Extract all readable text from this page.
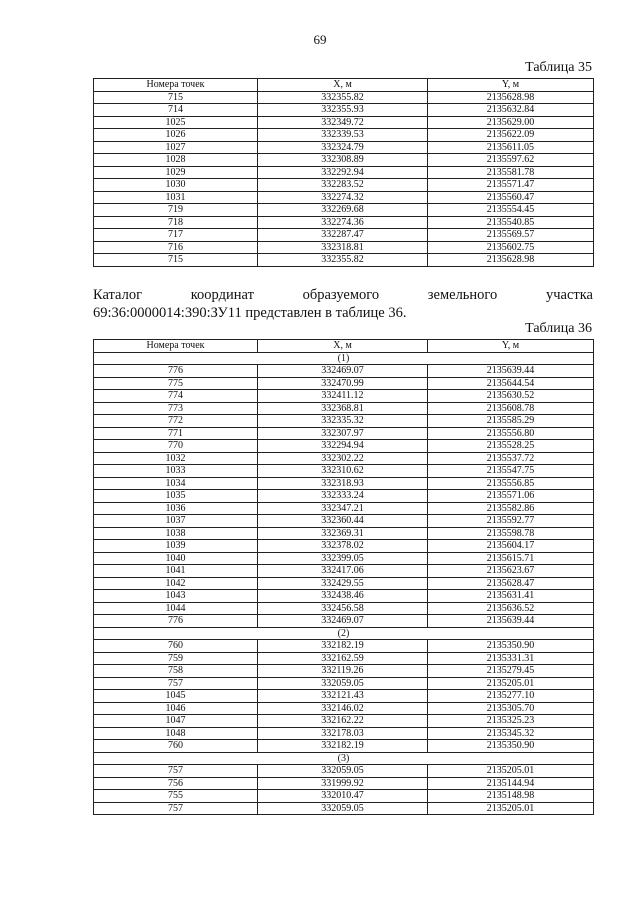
69
Таблица 35
Номера точек	X, м	Y, м
715	332355.82	2135628.98
714	332355.93	2135632.84
1025	332349.72	2135629.00
1026	332339.53	2135622.09
1027	332324.79	2135611.05
1028	332308.89	2135597.62
1029	332292.94	2135581.78
1030	332283.52	2135571.47
1031	332274.32	2135560.47
719	332269.68	2135554.45
718	332274.36	2135540.85
717	332287.47	2135569.57
716	332318.81	2135602.75
715	332355.82	2135628.98
Каталог	координат	образуемого	земельного	участка
69:36:0000014:390:ЗУ11 представлен в таблице 36.
Таблица 36
Номера точек	X, м	Y, м
(1)		
776	332469.07	2135639.44
775	332470.99	2135644.54
774	332411.12	2135630.52
773	332368.81	2135608.78
772	332335.32	2135585.29
771	332307.97	2135556.80
770	332294.94	2135528.25
1032	332302.22	2135537.72
1033	332310.62	2135547.75
1034	332318.93	2135556.85
1035	332333.24	2135571.06
1036	332347.21	2135582.86
1037	332360.44	2135592.77
1038	332369.31	2135598.78
1039	332378.02	2135604.17
1040	332399.05	2135615.71
1041	332417.06	2135623.67
1042	332429.55	2135628.47
1043	332438.46	2135631.41
1044	332456.58	2135636.52
776	332469.07	2135639.44
(2)		
760	332182.19	2135350.90
759	332162.59	2135331.31
758	332119.26	2135279.45
757	332059.05	2135205.01
1045	332121.43	2135277.10
1046	332146.02	2135305.70
1047	332162.22	2135325.23
1048	332178.03	2135345.32
760	332182.19	2135350.90
(3)		
757	332059.05	2135205.01
756	331999.92	2135144.94
755	332010.47	2135148.98
757	332059.05	2135205.01
